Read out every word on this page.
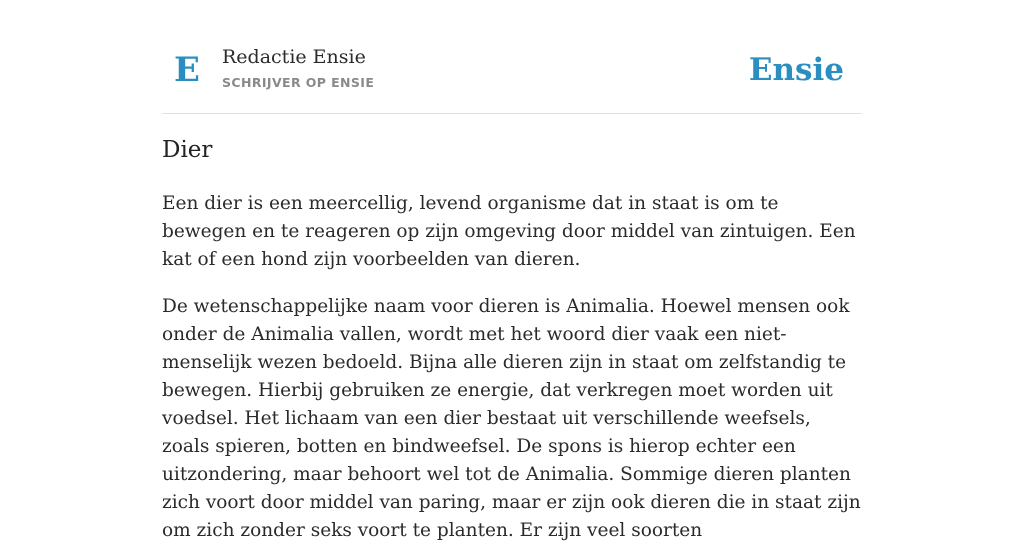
E Redactie Ensie
SCHRIJVER OP ENSIE	Ensie
Dier

Een dier is een meercellig, levend organisme dat in staat is om te bewegen en te reageren op zijn omgeving door middel van zintuigen. Een kat of een hond zijn voorbeelden van dieren.

De wetenschappelijke naam voor dieren is Animalia. Hoewel mensen ook onder de Animalia vallen, wordt met het woord dier vaak een niet-menselijk wezen bedoeld. Bijna alle dieren zijn in staat om zelfstandig te bewegen. Hierbij gebruiken ze energie, dat verkregen moet worden uit voedsel. Het lichaam van een dier bestaat uit verschillende weefsels, zoals spieren, botten en bindweefsel. De spons is hierop echter een uitzondering, maar behoort wel tot de Animalia. Sommige dieren planten zich voort door middel van paring, maar er zijn ook dieren die in staat zijn om zich zonder seks voort te planten. Er zijn veel soorten
